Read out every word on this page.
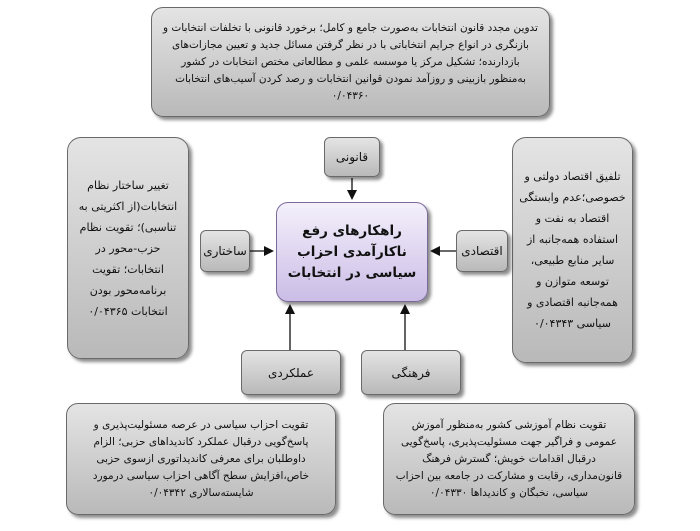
تدوین مجدد قانون انتخابات به‌صورت جامع و کامل؛ برخورد قانونی با تخلفات انتخابات و بازنگری در انواع جرایم انتخاباتی با در نظر گرفتن مسائل جدید و تعیین مجازات‌های بازدارنده؛ تشکیل مرکز یا موسسه علمی و مطالعاتی مختص انتخابات در کشور به‌منظور بازبینی و روزآمد نمودن قوانین انتخابات و رصد کردن آسیب‌های انتخابات ۰/۰۴۳۶۰
قانونی
تغییر ساختار نظام انتخابات(از اکثریتی به تناسبی)؛ تقویت نظام حزب-محور در انتخابات؛ تقویت برنامه‌محور بودن انتخابات ۰/۰۴۳۶۵
تلفیق اقتصاد دولتی و خصوصی؛عدم وابستگی اقتصاد به نفت و استفاده همه‌جانبه از سایر منابع طبیعی، توسعه متوازن و همه‌جانبه اقتصادی و سیاسی ۰/۰۴۳۴۳
ساختاری	اقتصادی
راهکارهای رفع ناکارآمدی احزاب سیاسی در انتخابات
عملکردی	فرهنگی
تقویت احزاب سیاسی در عرصه مسئولیت‌پذیری و پاسخ‌گویی درقبال عملکرد کاندیداهای حزبی؛ الزام داوطلبان برای معرفی کاندیداتوری ازسوی حزبی خاص،افزایش سطح آگاهی احزاب سیاسی درمورد شایسته‌سالاری ۰/۰۴۳۴۲
تقویت نظام آموزشی کشور به‌منظور آموزش عمومی و فراگیر جهت مسئولیت‌پذیری، پاسخ‌گویی درقبال اقدامات خویش؛ گسترش فرهنگ قانون‌مداری، رقابت و مشارکت در جامعه بین احزاب سیاسی، نخبگان و کاندیداها ۰/۰۴۳۳۰
